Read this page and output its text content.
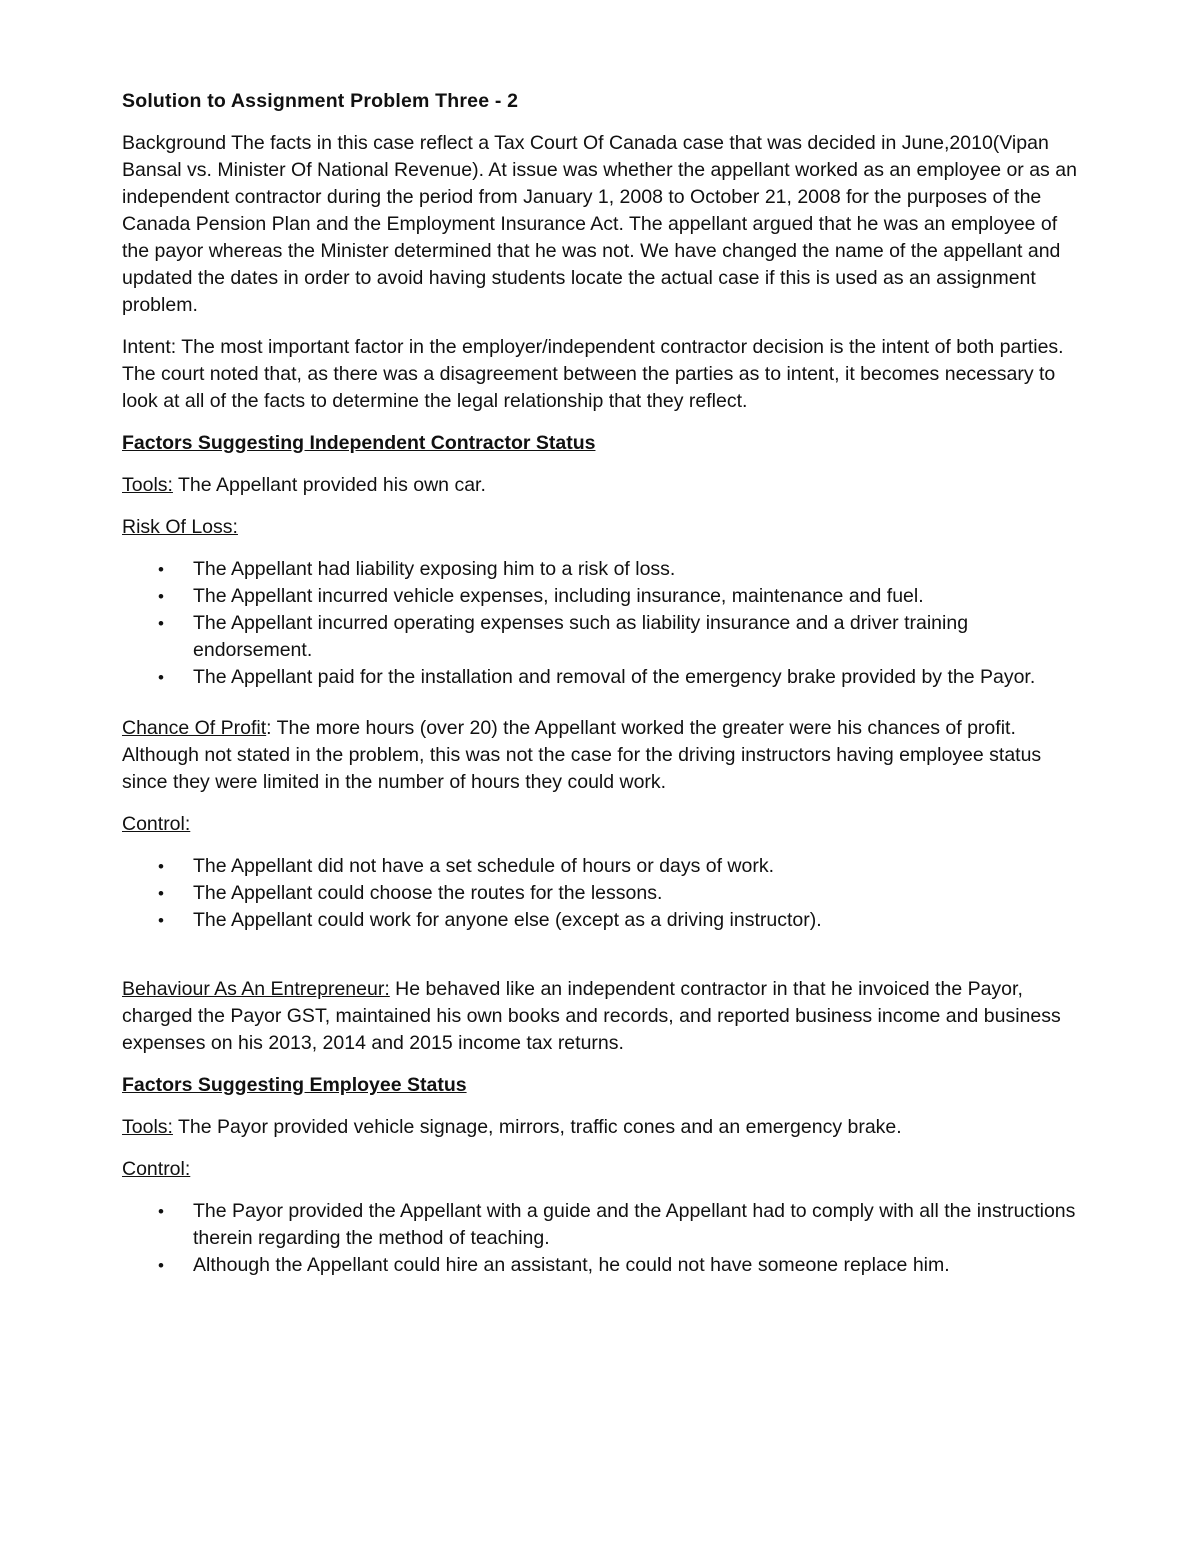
Solution to Assignment Problem Three - 2

Background The facts in this case reflect a Tax Court Of Canada case that was decided in June,2010(Vipan Bansal vs. Minister Of National Revenue). At issue was whether the appellant worked as an employee or as an independent contractor during the period from January 1, 2008 to October 21, 2008 for the purposes of the Canada Pension Plan and the Employment Insurance Act. The appellant argued that he was an employee of the payor whereas the Minister determined that he was not. We have changed the name of the appellant and updated the dates in order to avoid having students locate the actual case if this is used as an assignment problem.

Intent: The most important factor in the employer/independent contractor decision is the intent of both parties. The court noted that, as there was a disagreement between the parties as to intent, it becomes necessary to look at all of the facts to determine the legal relationship that they reflect.

Factors Suggesting Independent Contractor Status

Tools: The Appellant provided his own car.

Risk Of Loss:

• The Appellant had liability exposing him to a risk of loss.
• The Appellant incurred vehicle expenses, including insurance, maintenance and fuel.
• The Appellant incurred operating expenses such as liability insurance and a driver training endorsement.
• The Appellant paid for the installation and removal of the emergency brake provided by the Payor.

Chance Of Profit: The more hours (over 20) the Appellant worked the greater were his chances of profit. Although not stated in the problem, this was not the case for the driving instructors having employee status since they were limited in the number of hours they could work.

Control:

• The Appellant did not have a set schedule of hours or days of work.
• The Appellant could choose the routes for the lessons.
• The Appellant could work for anyone else (except as a driving instructor).

Behaviour As An Entrepreneur: He behaved like an independent contractor in that he invoiced the Payor, charged the Payor GST, maintained his own books and records, and reported business income and business expenses on his 2013, 2014 and 2015 income tax returns.

Factors Suggesting Employee Status

Tools: The Payor provided vehicle signage, mirrors, traffic cones and an emergency brake.

Control:

• The Payor provided the Appellant with a guide and the Appellant had to comply with all the instructions therein regarding the method of teaching.
• Although the Appellant could hire an assistant, he could not have someone replace him.
